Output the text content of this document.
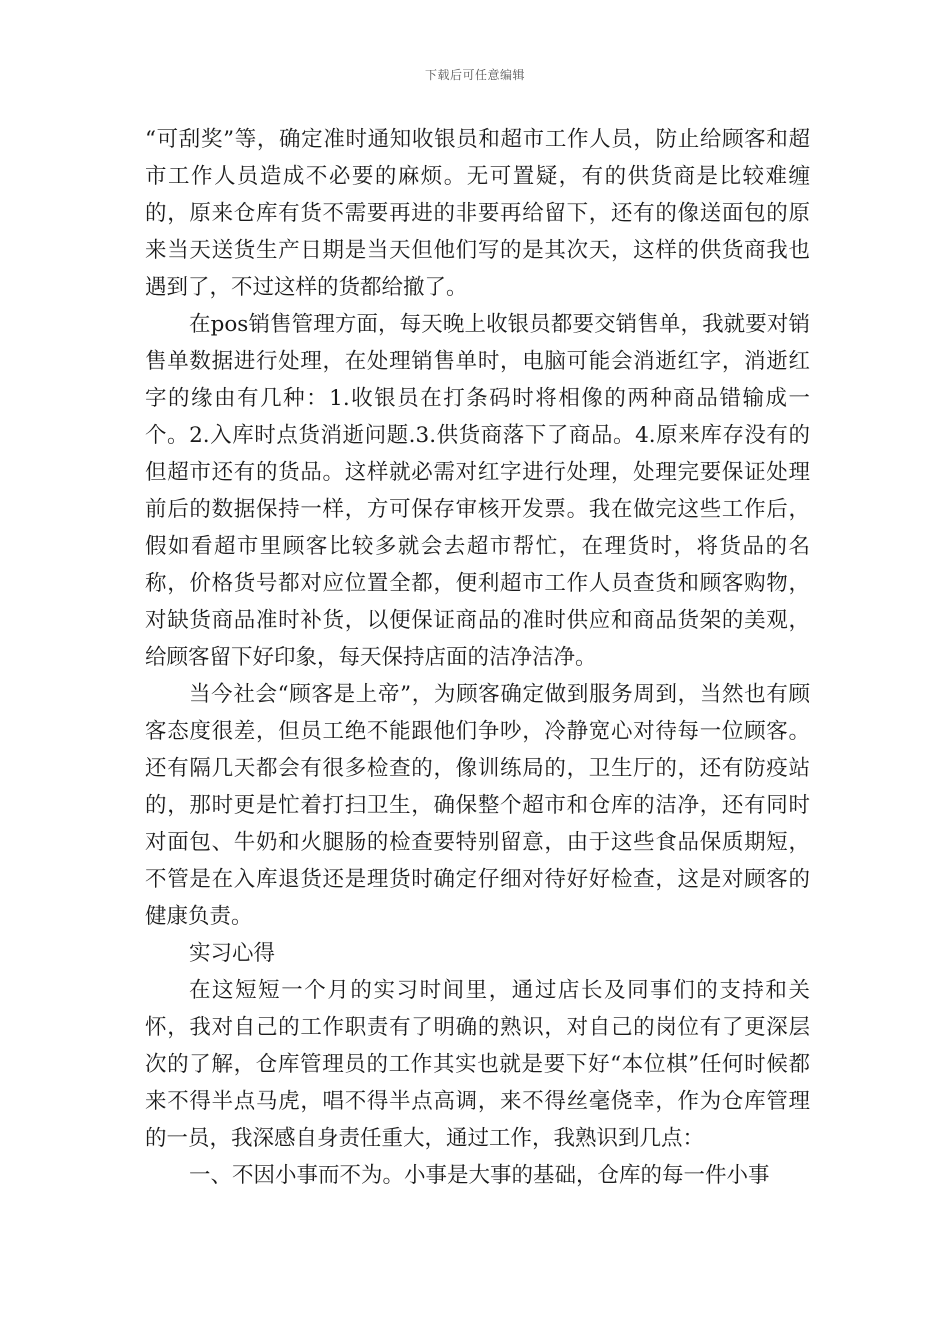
下载后可任意编辑

“可刮奖”等，确定准时通知收银员和超市工作人员，防止给顾客和超市工作人员造成不必要的麻烦。无可置疑，有的供货商是比较难缠的，原来仓库有货不需要再进的非要再给留下，还有的像送面包的原来当天送货生产日期是当天但他们写的是其次天，这样的供货商我也遇到了，不过这样的货都给撤了。

在pos销售管理方面，每天晚上收银员都要交销售单，我就要对销售单数据进行处理，在处理销售单时，电脑可能会消逝红字，消逝红字的缘由有几种：1.收银员在打条码时将相像的两种商品错输成一个。2.入库时点货消逝问题.3.供货商落下了商品。4.原来库存没有的但超市还有的货品。这样就必需对红字进行处理，处理完要保证处理前后的数据保持一样，方可保存审核开发票。我在做完这些工作后，假如看超市里顾客比较多就会去超市帮忙，在理货时，将货品的名称，价格货号都对应位置全都，便利超市工作人员查货和顾客购物，对缺货商品准时补货，以便保证商品的准时供应和商品货架的美观，给顾客留下好印象，每天保持店面的洁净洁净。

当今社会“顾客是上帝”，为顾客确定做到服务周到，当然也有顾客态度很差，但员工绝不能跟他们争吵，冷静宽心对待每一位顾客。还有隔几天都会有很多检查的，像训练局的，卫生厅的，还有防疫站的，那时更是忙着打扫卫生，确保整个超市和仓库的洁净，还有同时对面包、牛奶和火腿肠的检查要特别留意，由于这些食品保质期短，不管是在入库退货还是理货时确定仔细对待好好检查，这是对顾客的健康负责。

实习心得

在这短短一个月的实习时间里，通过店长及同事们的支持和关怀，我对自己的工作职责有了明确的熟识，对自己的岗位有了更深层次的了解，仓库管理员的工作其实也就是要下好“本位棋”任何时候都来不得半点马虎，唱不得半点高调，来不得丝毫侥幸，作为仓库管理的一员，我深感自身责任重大，通过工作，我熟识到几点：

一、不因小事而不为。小事是大事的基础，仓库的每一件小事
